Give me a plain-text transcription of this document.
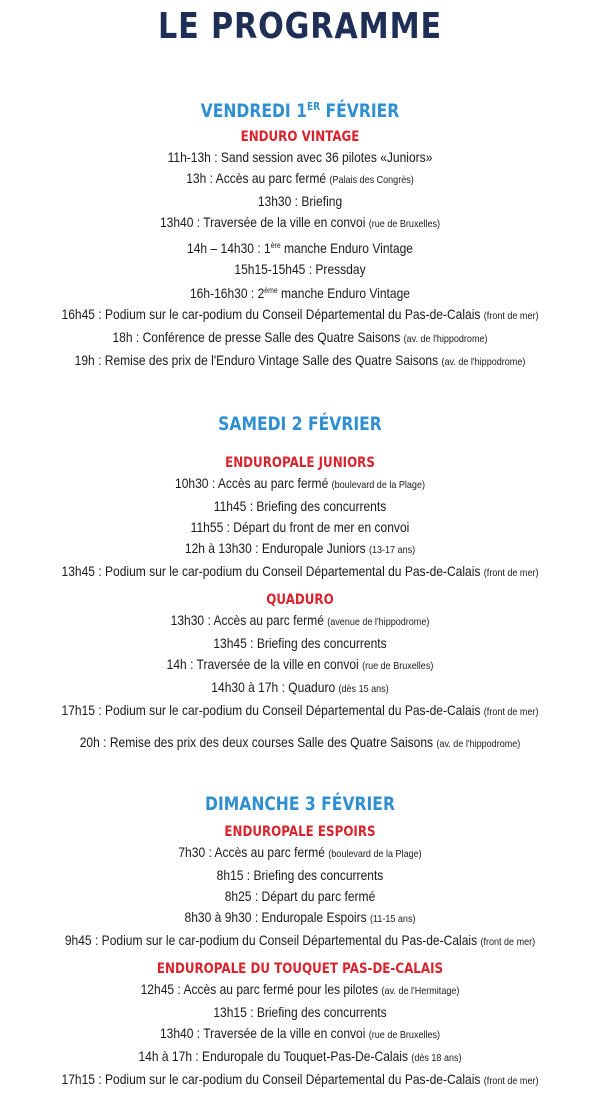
LE PROGRAMME
VENDREDI 1ER FÉVRIER
ENDURO VINTAGE
11h-13h : Sand session avec 36 pilotes «Juniors»
13h : Accès au parc fermé (Palais des Congrès)
13h30 : Briefing
13h40 : Traversée de la ville en convoi (rue de Bruxelles)
14h – 14h30 : 1ère manche Enduro Vintage
15h15-15h45 : Pressday
16h-16h30 : 2ème manche Enduro Vintage
16h45 : Podium sur le car-podium du Conseil Départemental du Pas-de-Calais (front de mer)
18h : Conférence de presse Salle des Quatre Saisons (av. de l'hippodrome)
19h : Remise des prix de l'Enduro Vintage Salle des Quatre Saisons (av. de l'hippodrome)
SAMEDI 2 FÉVRIER
ENDUROPALE JUNIORS
10h30 : Accès au parc fermé (boulevard de la Plage)
11h45 : Briefing des concurrents
11h55 : Départ du front de mer en convoi
12h à 13h30 : Enduropale Juniors (13-17 ans)
13h45 : Podium sur le car-podium du Conseil Départemental du Pas-de-Calais (front de mer)
QUADURO
13h30 : Accès au parc fermé (avenue de l'hippodrome)
13h45 : Briefing des concurrents
14h : Traversée de la ville en convoi (rue de Bruxelles)
14h30 à 17h : Quaduro (dès 15 ans)
17h15 : Podium sur le car-podium du Conseil Départemental du Pas-de-Calais (front de mer)
20h : Remise des prix des deux courses Salle des Quatre Saisons (av. de l'hippodrome)
DIMANCHE 3 FÉVRIER
ENDUROPALE ESPOIRS
7h30 : Accès au parc fermé (boulevard de la Plage)
8h15 : Briefing des concurrents
8h25 : Départ du parc fermé
8h30 à 9h30 : Enduropale Espoirs (11-15 ans)
9h45 : Podium sur le car-podium du Conseil Départemental du Pas-de-Calais (front de mer)
ENDUROPALE DU TOUQUET PAS-DE-CALAIS
12h45 : Accès au parc fermé pour les pilotes (av. de l'Hermitage)
13h15 : Briefing des concurrents
13h40 : Traversée de la ville en convoi (rue de Bruxelles)
14h à 17h : Enduropale du Touquet-Pas-De-Calais (dès 18 ans)
17h15 : Podium sur le car-podium du Conseil Départemental du Pas-de-Calais (front de mer)
